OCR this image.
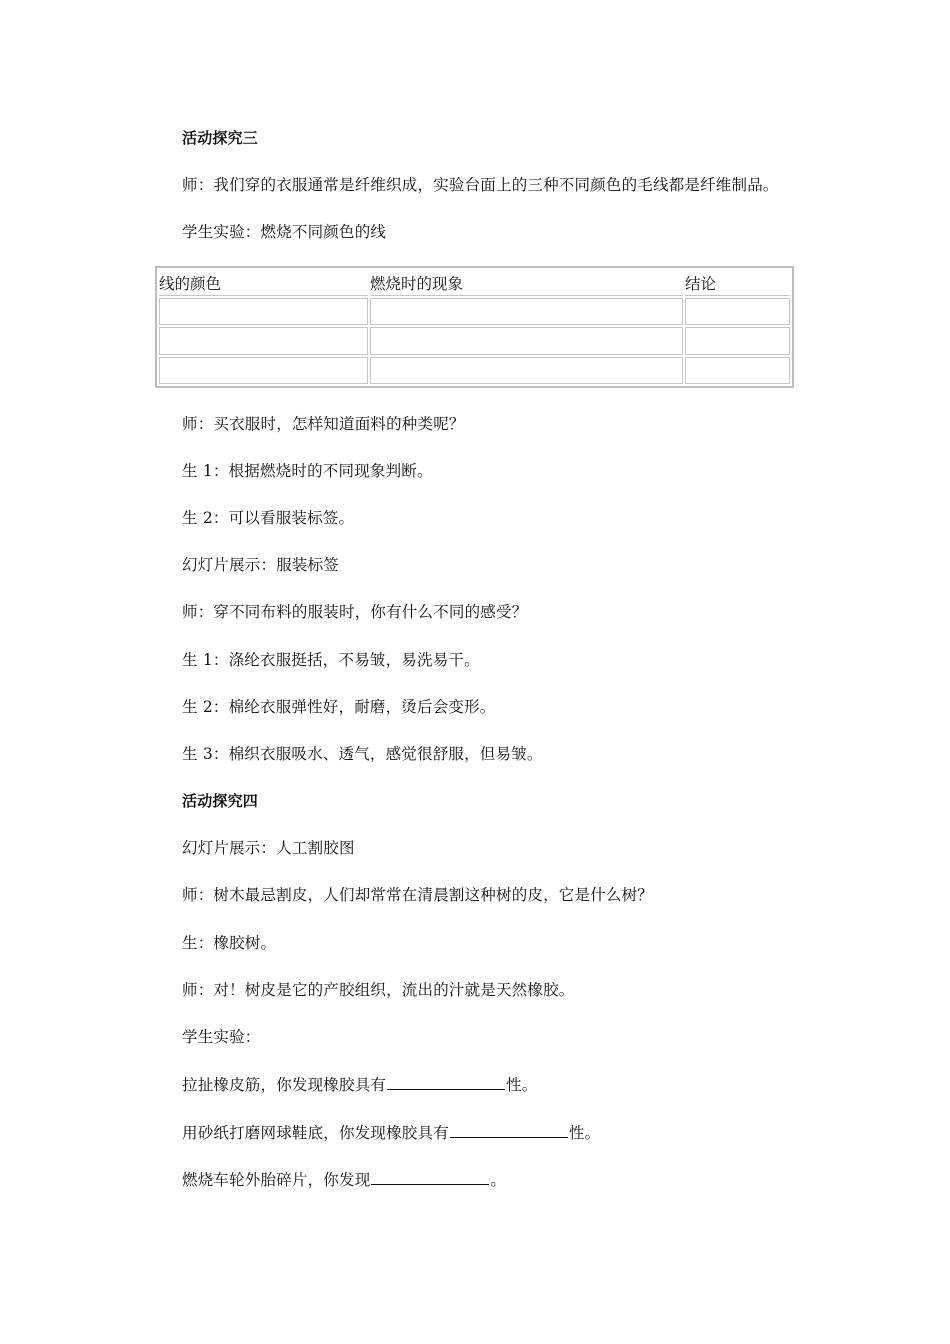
活动探究三
师：我们穿的衣服通常是纤维织成，实验台面上的三种不同颜色的毛线都是纤维制品。
学生实验：燃烧不同颜色的线
线的颜色	燃烧时的现象	结论

师：买衣服时，怎样知道面料的种类呢？
生 1：根据燃烧时的不同现象判断。
生 2：可以看服装标签。
幻灯片展示：服装标签
师：穿不同布料的服装时，你有什么不同的感受？
生 1：涤纶衣服挺括，不易皱，易洗易干。
生 2：棉纶衣服弹性好，耐磨，烫后会变形。
生 3：棉织衣服吸水、透气，感觉很舒服，但易皱。
活动探究四
幻灯片展示：人工割胶图
师：树木最忌割皮，人们却常常在清晨割这种树的皮，它是什么树？
生：橡胶树。
师：对！树皮是它的产胶组织，流出的汁就是天然橡胶。
学生实验：
拉扯橡皮筋，你发现橡胶具有	性。
用砂纸打磨网球鞋底，你发现橡胶具有	性。
燃烧车轮外胎碎片，你发现	。
